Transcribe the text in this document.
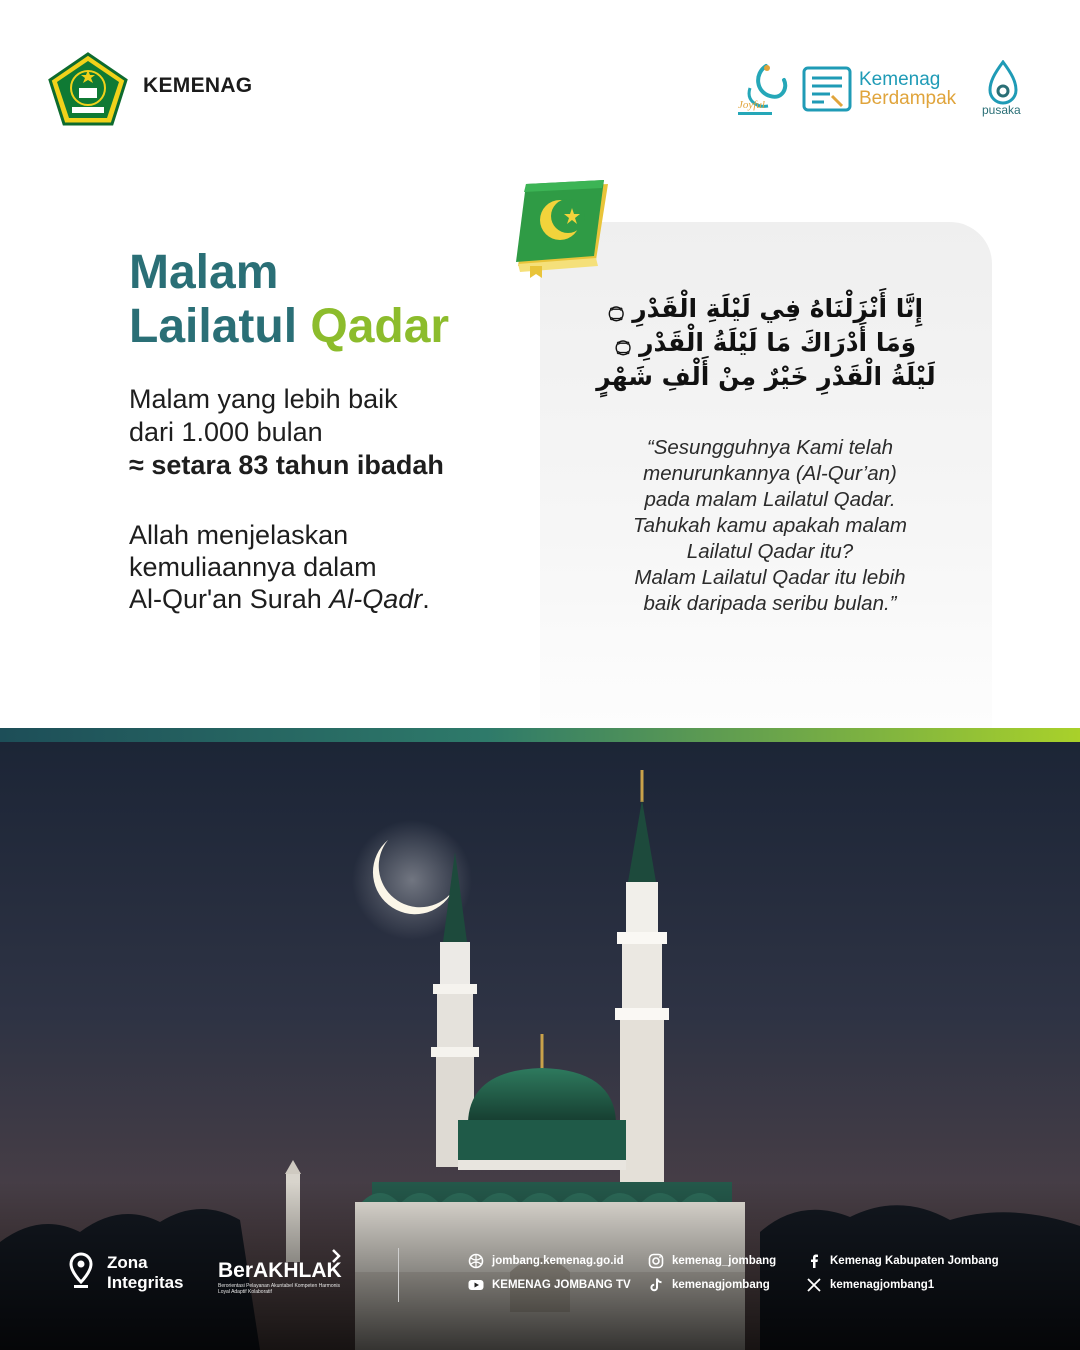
KEMENAG
Joyful
Kemenag
Berdampak
pusaka
Malam
Lailatul Qadar
Malam yang lebih baik
dari 1.000 bulan
≈ setara 83 tahun ibadah
Allah menjelaskan
kemuliaannya dalam
Al-Qur'an Surah Al-Qadr.
إِنَّا أَنْزَلْنَاهُ فِي لَيْلَةِ الْقَدْرِ ۝
وَمَا أَدْرَاكَ مَا لَيْلَةُ الْقَدْرِ ۝
لَيْلَةُ الْقَدْرِ خَيْرٌ مِنْ أَلْفِ شَهْرٍ
“Sesungguhnya Kami telah
menurunkannya (Al-Qur’an)
pada malam Lailatul Qadar.
Tahukah kamu apakah malam
Lailatul Qadar itu?
Malam Lailatul Qadar itu lebih
baik daripada seribu bulan.”
Zona
Integritas
BerAKHLAK
Berorientasi Pelayanan Akuntabel Kompeten Harmonis Loyal Adaptif Kolaboratif
jombang.kemenag.go.id	kemenag_jombang	Kemenag Kabupaten Jombang
KEMENAG JOMBANG TV	kemenagjombang	kemenagjombang1
